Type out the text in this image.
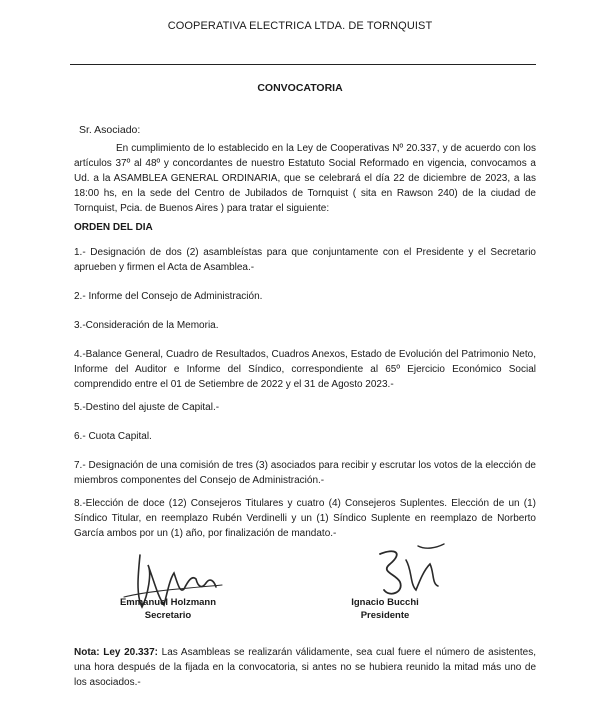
COOPERATIVA ELECTRICA LTDA. DE TORNQUIST
CONVOCATORIA
Sr. Asociado:
En cumplimiento de lo establecido en la Ley de Cooperativas Nº 20.337, y de acuerdo con los artículos 37º al 48º y concordantes de nuestro Estatuto Social Reformado en vigencia, convocamos a Ud. a la ASAMBLEA GENERAL ORDINARIA, que se celebrará el día 22 de diciembre de 2023, a las 18:00 hs, en la sede del Centro de Jubilados de Tornquist ( sita en Rawson 240) de la ciudad de Tornquist, Pcia. de Buenos Aires ) para tratar el siguiente:
ORDEN DEL DIA
1.- Designación de dos (2) asambleístas para que conjuntamente con el Presidente y el Secretario aprueben y firmen el Acta de Asamblea.-
2.- Informe del Consejo de Administración.
3.-Consideración de la Memoria.
4.-Balance General, Cuadro de Resultados, Cuadros Anexos, Estado de Evolución del Patrimonio Neto, Informe del Auditor e Informe del Síndico, correspondiente al 65º Ejercicio Económico Social comprendido entre el 01 de Setiembre de 2022 y el 31 de Agosto 2023.-
5.-Destino del ajuste de Capital.-
6.- Cuota Capital.
7.- Designación de una comisión de tres (3) asociados para recibir y escrutar los votos de la elección de miembros componentes del Consejo de Administración.-
8.-Elección de doce (12) Consejeros Titulares y cuatro (4) Consejeros Suplentes. Elección de un (1) Síndico Titular, en reemplazo Rubén Verdinelli y un (1) Síndico Suplente en reemplazo de Norberto García ambos por un (1) año, por finalización de mandato.-
Emmanuel Holzmann
Secretario
Ignacio Bucchi
Presidente
Nota: Ley 20.337: Las Asambleas se realizarán válidamente, sea cual fuere el número de asistentes, una hora después de la fijada en la convocatoria, si antes no se hubiera reunido la mitad más uno de los asociados.-
